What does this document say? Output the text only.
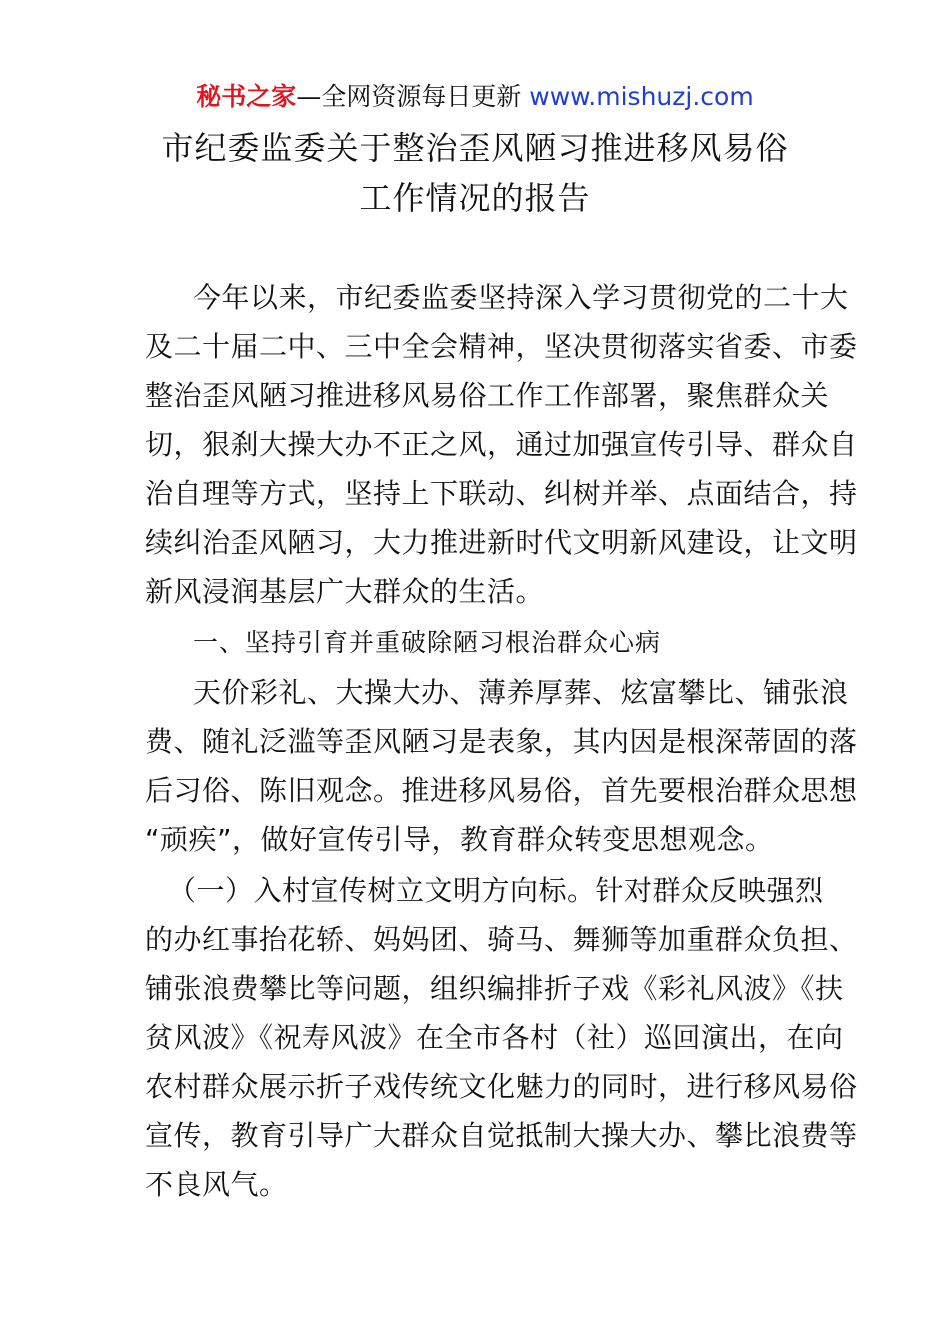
秘书之家—全网资源每日更新 www.mishuzj.com
市纪委监委关于整治歪风陋习推进移风易俗
工作情况的报告
今年以来，市纪委监委坚持深入学习贯彻党的二十大
及二十届二中、三中全会精神，坚决贯彻落实省委、市委
整治歪风陋习推进移风易俗工作工作部署，聚焦群众关
切，狠刹大操大办不正之风，通过加强宣传引导、群众自
治自理等方式，坚持上下联动、纠树并举、点面结合，持
续纠治歪风陋习，大力推进新时代文明新风建设，让文明
新风浸润基层广大群众的生活。
一、坚持引育并重破除陋习根治群众心病
天价彩礼、大操大办、薄养厚葬、炫富攀比、铺张浪
费、随礼泛滥等歪风陋习是表象，其内因是根深蒂固的落
后习俗、陈旧观念。推进移风易俗，首先要根治群众思想
“顽疾”，做好宣传引导，教育群众转变思想观念。
（一）入村宣传树立文明方向标。针对群众反映强烈
的办红事抬花轿、妈妈团、骑马、舞狮等加重群众负担、
铺张浪费攀比等问题，组织编排折子戏《彩礼风波》《扶
贫风波》《祝寿风波》在全市各村（社）巡回演出，在向
农村群众展示折子戏传统文化魅力的同时，进行移风易俗
宣传，教育引导广大群众自觉抵制大操大办、攀比浪费等
不良风气。
